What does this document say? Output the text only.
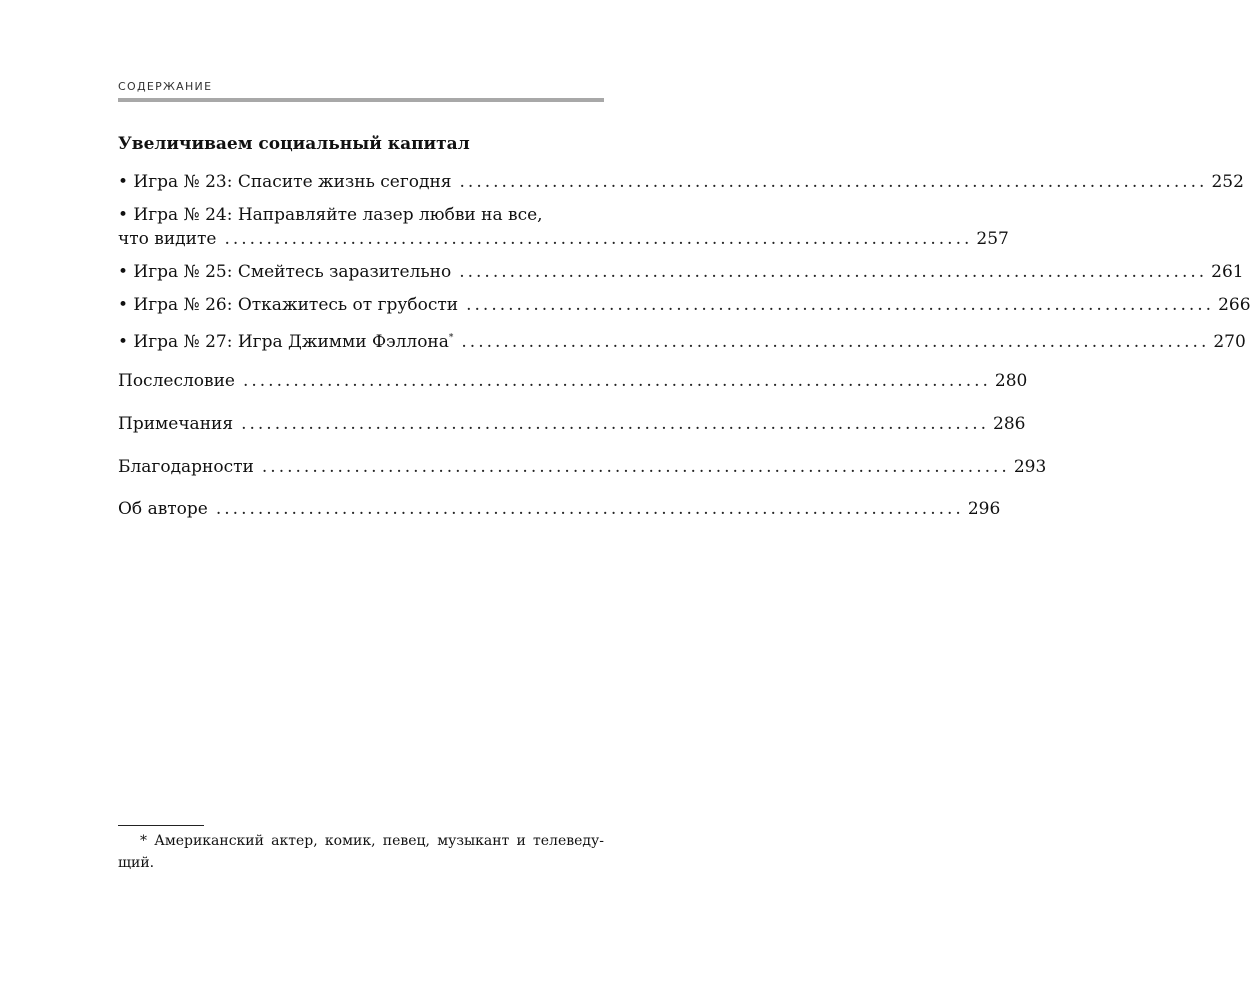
СОДЕРЖАНИЕ
Увеличиваем социальный капитал
• Игра № 23: Спасите жизнь сегодня ......................................................................................... 252
• Игра № 24: Направляйте лазер любви на все,
что видите ......................................................................................... 257
• Игра № 25: Смейтесь заразительно ......................................................................................... 261
• Игра № 26: Откажитесь от грубости ......................................................................................... 266
• Игра № 27: Игра Джимми Фэллона* ......................................................................................... 270
Послесловие ......................................................................................... 280
Примечания ......................................................................................... 286
Благодарности ......................................................................................... 293
Об авторе ......................................................................................... 296
* Американский актер, комик, певец, музыкант и телеведу-
щий.
